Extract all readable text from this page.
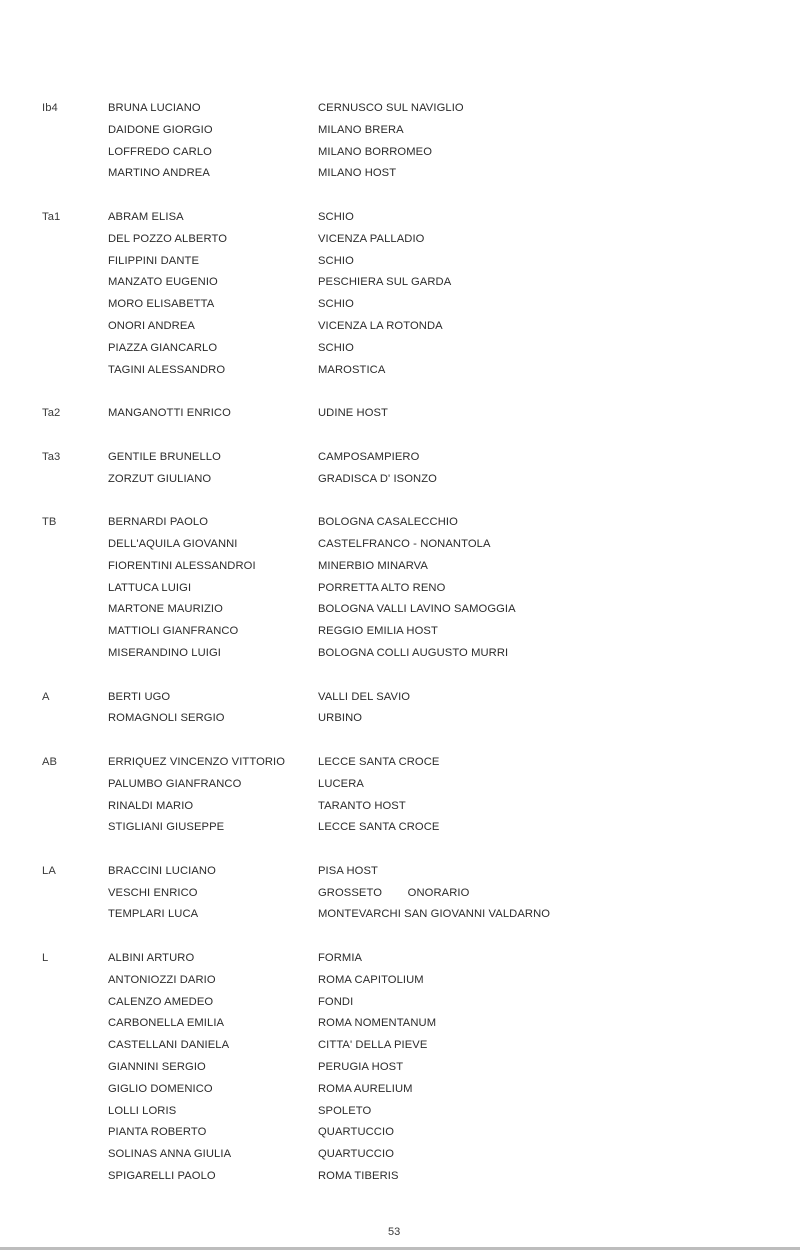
Ib4	BRUNA LUCIANO	CERNUSCO SUL NAVIGLIO
DAIDONE GIORGIO	MILANO BRERA
LOFFREDO CARLO	MILANO BORROMEO
MARTINO ANDREA	MILANO HOST
Ta1	ABRAM ELISA	SCHIO
DEL POZZO ALBERTO	VICENZA PALLADIO
FILIPPINI DANTE	SCHIO
MANZATO EUGENIO	PESCHIERA SUL GARDA
MORO ELISABETTA	SCHIO
ONORI ANDREA	VICENZA LA ROTONDA
PIAZZA GIANCARLO	SCHIO
TAGINI ALESSANDRO	MAROSTICA
Ta2	MANGANOTTI ENRICO	UDINE HOST
Ta3	GENTILE BRUNELLO	CAMPOSAMPIERO
ZORZUT GIULIANO	GRADISCA D' ISONZO
TB	BERNARDI PAOLO	BOLOGNA CASALECCHIO
DELL'AQUILA GIOVANNI	CASTELFRANCO - NONANTOLA
FIORENTINI ALESSANDROI	MINERBIO MINARVA
LATTUCA LUIGI	PORRETTA ALTO RENO
MARTONE MAURIZIO	BOLOGNA VALLI LAVINO SAMOGGIA
MATTIOLI GIANFRANCO	REGGIO EMILIA HOST
MISERANDINO LUIGI	BOLOGNA COLLI AUGUSTO MURRI
A	BERTI UGO	VALLI DEL SAVIO
ROMAGNOLI SERGIO	URBINO
AB	ERRIQUEZ VINCENZO VITTORIO	LECCE SANTA CROCE
PALUMBO GIANFRANCO	LUCERA
RINALDI MARIO	TARANTO HOST
STIGLIANI GIUSEPPE	LECCE SANTA CROCE
LA	BRACCINI LUCIANO	PISA HOST
VESCHI ENRICO	GROSSETO        ONORARIO
TEMPLARI LUCA	MONTEVARCHI SAN GIOVANNI VALDARNO
L	ALBINI ARTURO	FORMIA
ANTONIOZZI DARIO	ROMA CAPITOLIUM
CALENZO AMEDEO	FONDI
CARBONELLA EMILIA	ROMA NOMENTANUM
CASTELLANI DANIELA	CITTA' DELLA PIEVE
GIANNINI SERGIO	PERUGIA HOST
GIGLIO DOMENICO	ROMA AURELIUM
LOLLI LORIS	SPOLETO
PIANTA ROBERTO	QUARTUCCIO
SOLINAS ANNA GIULIA	QUARTUCCIO
SPIGARELLI PAOLO	ROMA TIBERIS
53
